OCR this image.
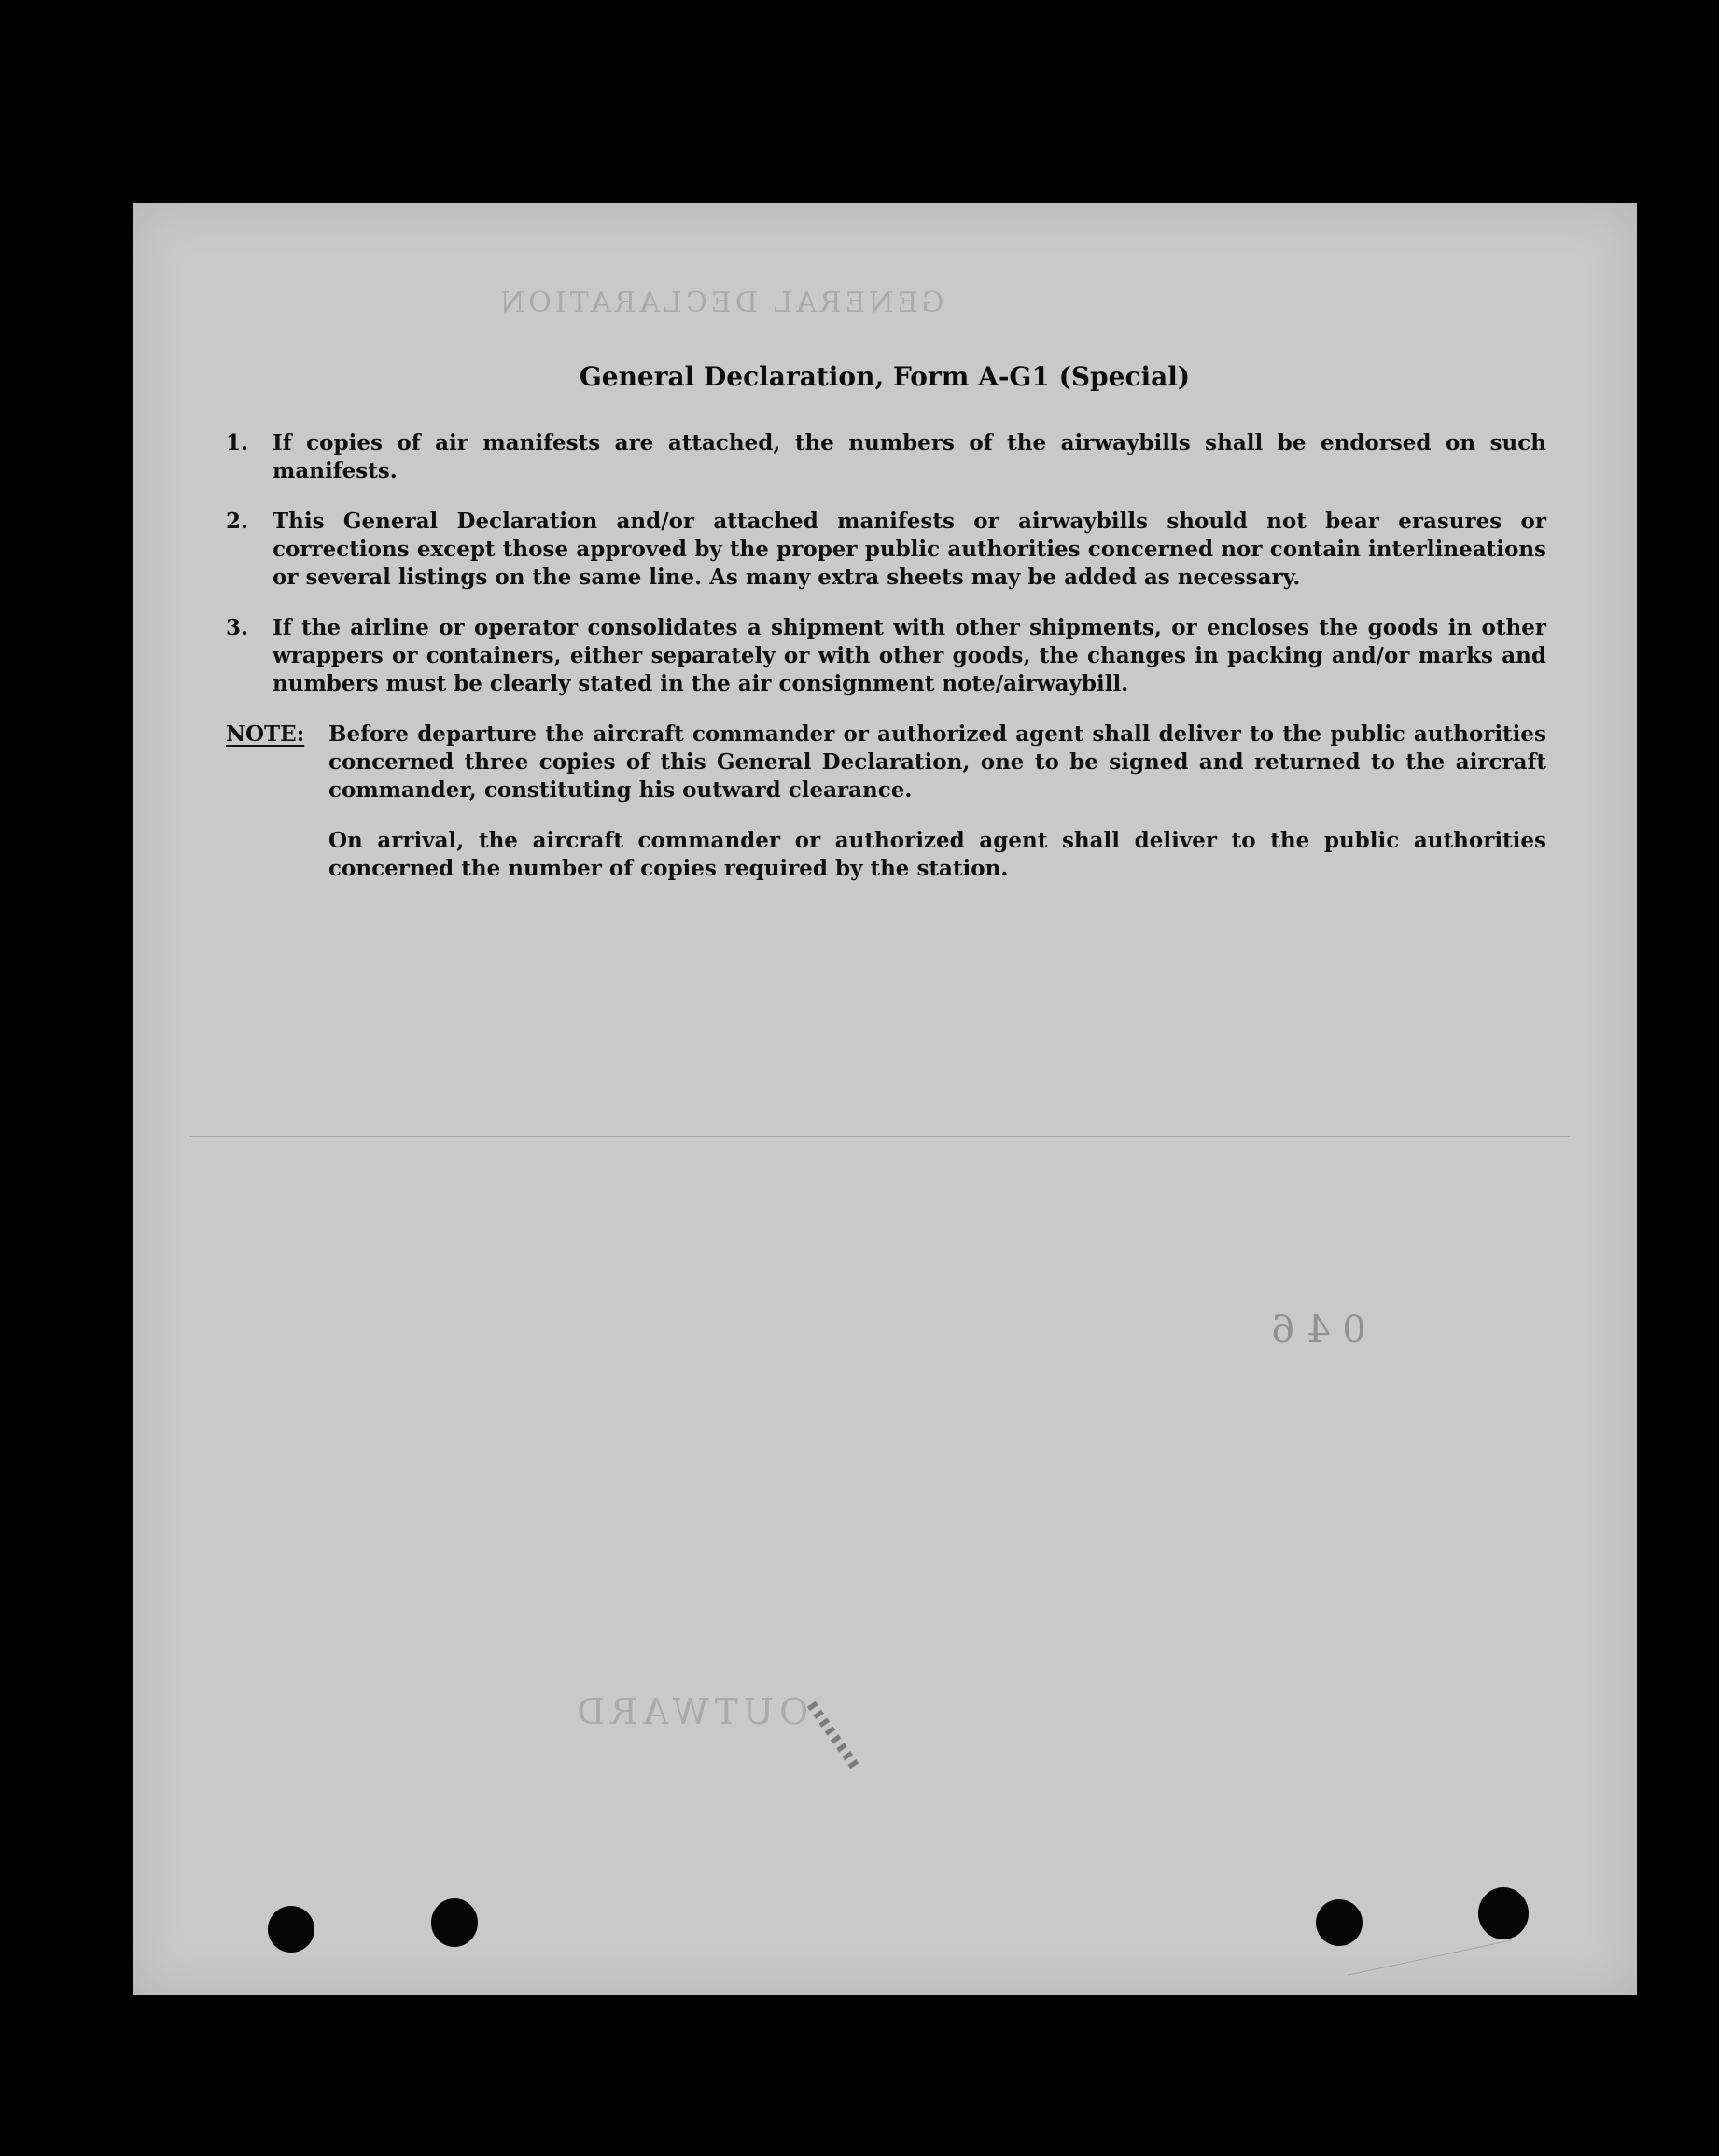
GENERAL DECLARATION
0 4 6
OUTWARD
▮▮▮▮▮▮▮▮
General Declaration, Form A-G1 (Special)
1.	If copies of air manifests are attached, the numbers of the airwaybills shall be endorsed on such manifests.
2.	This General Declaration and/or attached manifests or airwaybills should not bear erasures or corrections except those approved by the proper public authorities concerned nor contain interlineations or several listings on the same line. As many extra sheets may be added as necessary.
3.	If the airline or operator consolidates a shipment with other shipments, or encloses the goods in other wrappers or containers, either separately or with other goods, the changes in packing and/or marks and numbers must be clearly stated in the air consignment note/airwaybill.
NOTE:	Before departure the aircraft commander or authorized agent shall deliver to the public authorities concerned three copies of this General Declaration, one to be signed and returned to the aircraft commander, constituting his outward clearance.

On arrival, the aircraft commander or authorized agent shall deliver to the public authorities concerned the number of copies required by the station.
